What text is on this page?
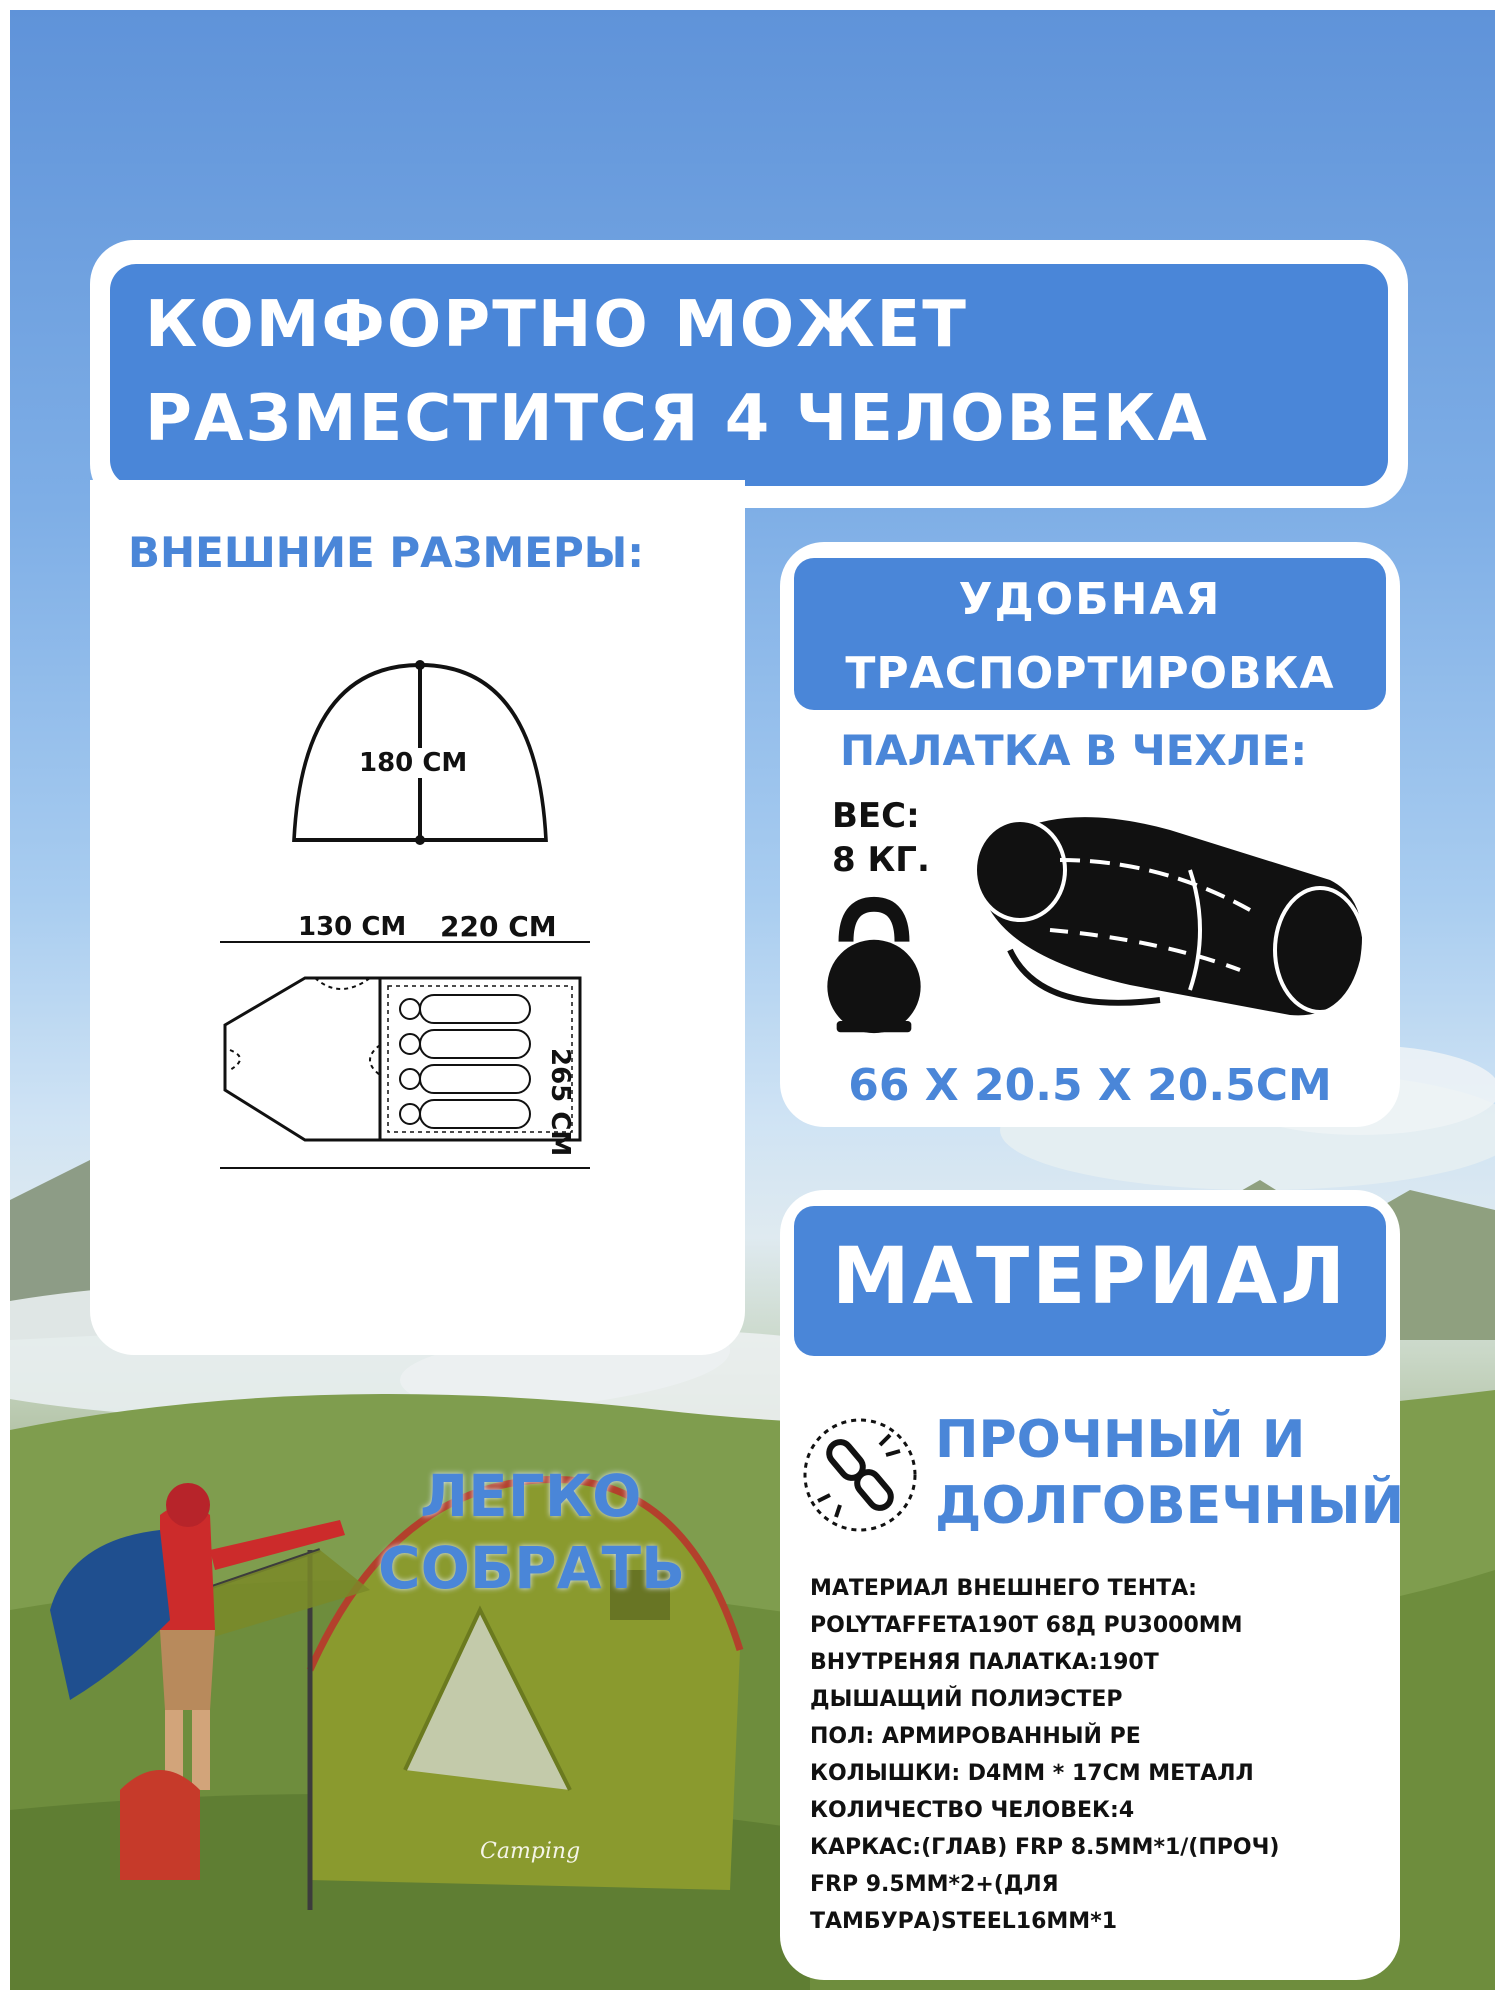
Camping
КОМФОРТНО МОЖЕТ
РАЗМЕСТИТСЯ 4 ЧЕЛОВЕКА
ВНЕШНИЕ РАЗМЕРЫ:
180 CM
130 CM 220 CM
265 CM
УДОБНАЯ
ТРАСПОРТИРОВКА
ПАЛАТКА В ЧЕХЛЕ:
ВЕС:
8 КГ.
66 X 20.5 X 20.5CM
МАТЕРИАЛ
ПРОЧНЫЙ И
ДОЛГОВЕЧНЫЙ
МАТЕРИАЛ ВНЕШНЕГО ТЕНТА:
POLYTAFFETA190T 68Д PU3000MM
ВНУТРЕНЯЯ ПАЛАТКА:190Т
ДЫШАЩИЙ ПОЛИЭСТЕР
ПОЛ: АРМИРОВАННЫЙ PE
КОЛЫШКИ: D4MM * 17CM МЕТАЛЛ
КОЛИЧЕСТВО ЧЕЛОВЕК:4
КАРКАС:(ГЛАВ) FRP 8.5MM*1/(ПРОЧ)
FRP 9.5MM*2+(ДЛЯ
ТАМБУРА)STEEL16MM*1
ЛЕГКО
СОБРАТЬ
